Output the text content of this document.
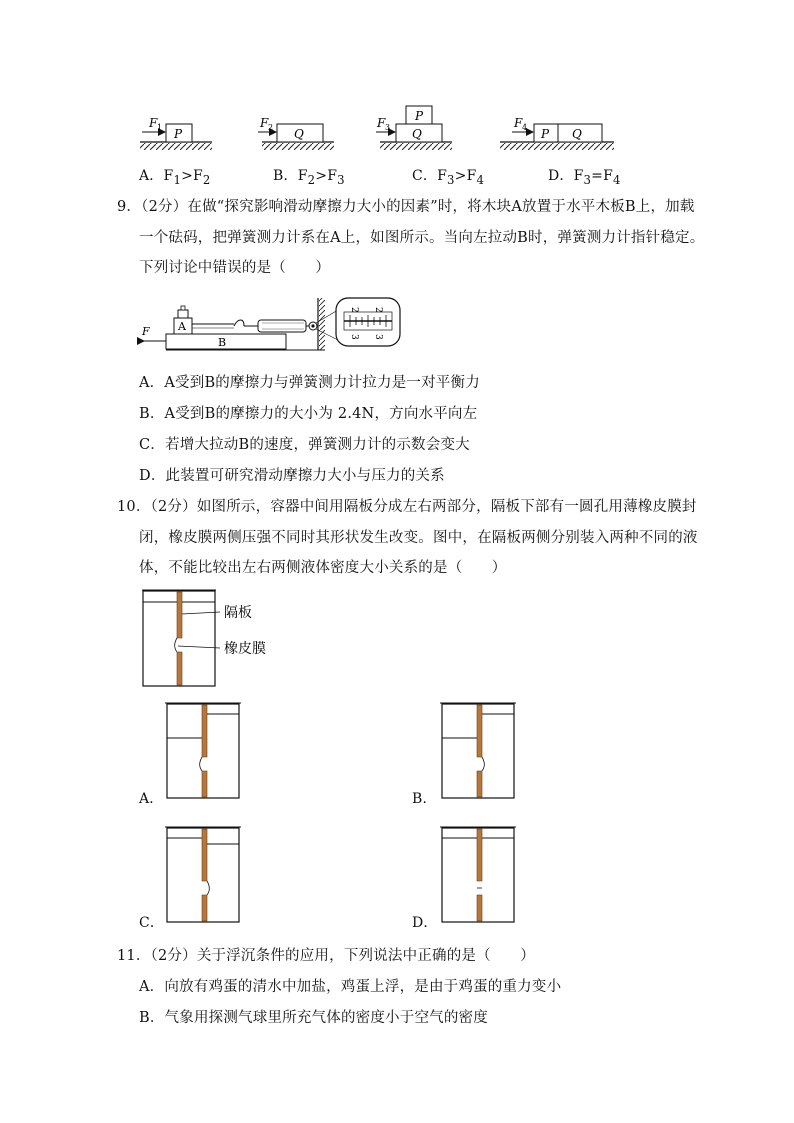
F 1 P
F 2 Q
F 3
P
Q
F 4 P Q
A．$F_1>F_2$	B．$F_2>F_3$	C．$F_3>F_4$	D．$F_3=F_4$
9．（2分）在做“探究影响滑动摩擦力大小的因素”时，将木块A放置于水平木板B上，加载
一个砝码，把弹簧测力计系在A上，如图所示。当向左拉动B时，弹簧测力计指针稳定。
下列讨论中错误的是（　　）
B
F	A
2 2
3 3
A．A受到B的摩擦力与弹簧测力计拉力是一对平衡力
B．A受到B的摩擦力的大小为 2.4N，方向水平向左
C．若增大拉动B的速度，弹簧测力计的示数会变大
D．此装置可研究滑动摩擦力大小与压力的关系
10．（2分）如图所示，容器中间用隔板分成左右两部分，隔板下部有一圆孔用薄橡皮膜封
闭，橡皮膜两侧压强不同时其形状发生改变。图中，在隔板两侧分别装入两种不同的液
体，不能比较出左右两侧液体密度大小关系的是（　　）
隔板
橡皮膜
A．	B．
C．	D．
11．（2分）关于浮沉条件的应用，下列说法中正确的是（　　）
A．向放有鸡蛋的清水中加盐，鸡蛋上浮，是由于鸡蛋的重力变小
B．气象用探测气球里所充气体的密度小于空气的密度
